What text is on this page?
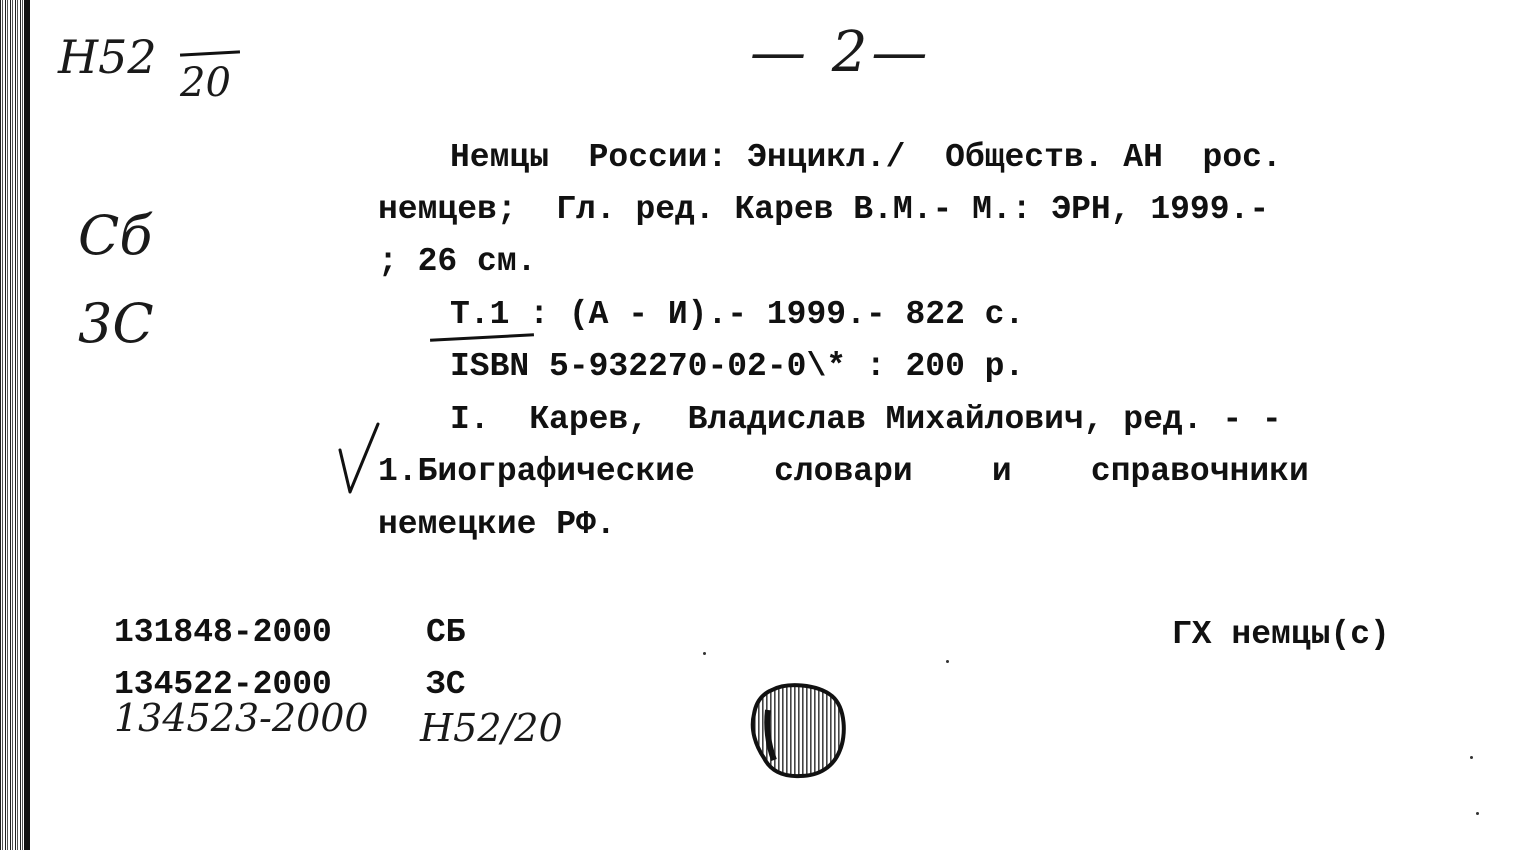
— 2—
H52 20
Сб
3С
Немцы  России: Энцикл./  Обществ. АН  рос.
немцев;  Гл. ред. Карев В.М.- М.: ЭРН, 1999.-
; 26 см.
Т.1 : (А - И).- 1999.- 822 с.
ISBN 5-932270-02-0\* : 200 р.
I.  Карев,  Владислав Михайлович, ред. - -
1.Биографические    словари    и    справочники
немецкие РФ.
131848-2000	СБ
134522-2000	ЗС
134523-2000 H52/20
ГХ немцы(с)
